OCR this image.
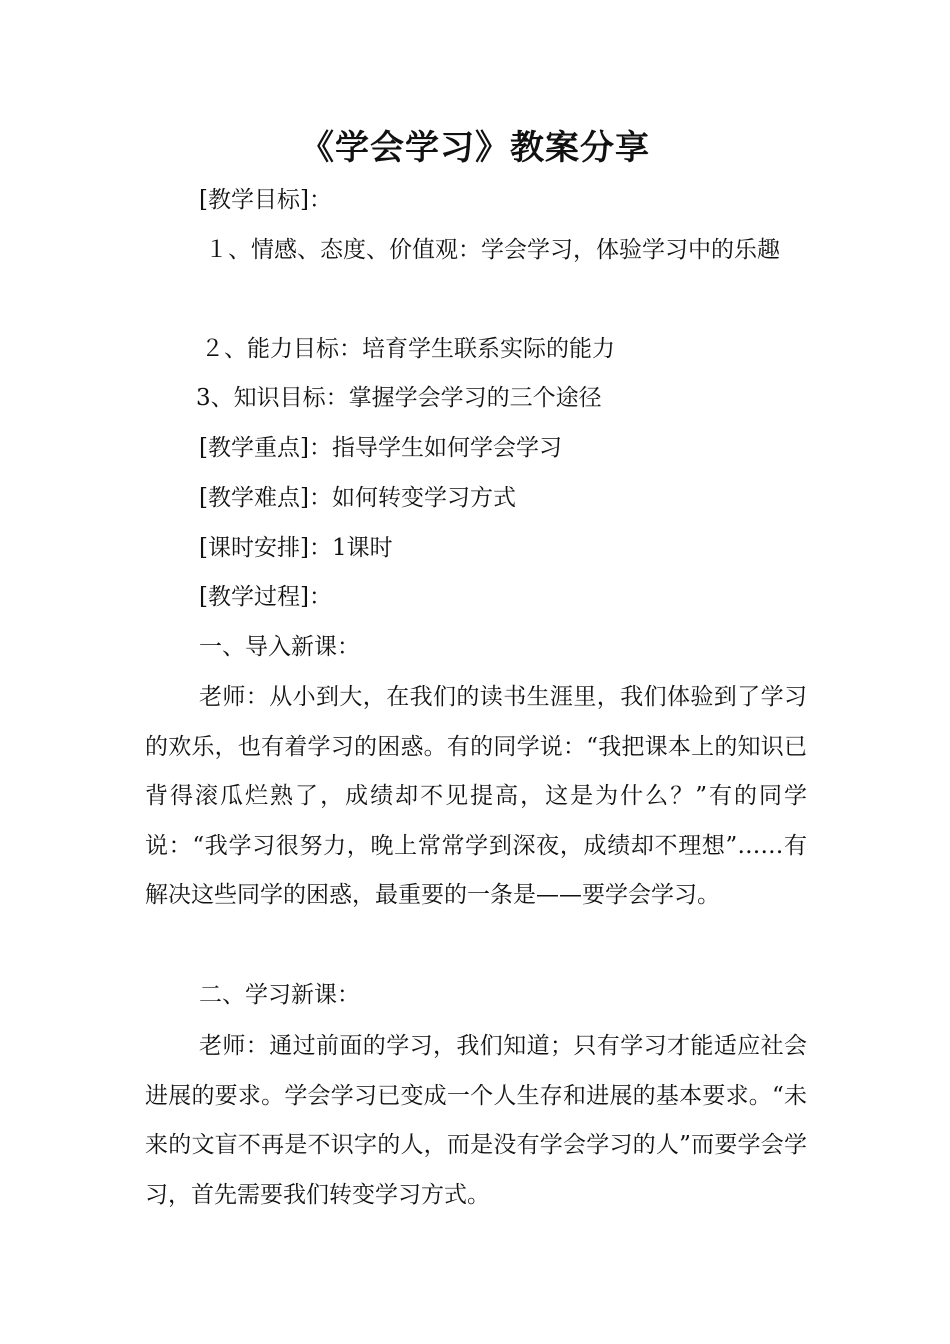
《学会学习》教案分享
[教学目标]：
１、情感、态度、价值观：学会学习，体验学习中的乐趣
２、能力目标：培育学生联系实际的能力
3、知识目标：掌握学会学习的三个途径
[教学重点]：指导学生如何学会学习
[教学难点]：如何转变学习方式
[课时安排]：1课时
[教学过程]：
一、导入新课：
老师：从小到大，在我们的读书生涯里，我们体验到了学习的欢乐，也有着学习的困惑。有的同学说：“我把课本上的知识已背得滚瓜烂熟了，成绩却不见提高，这是为什么？”有的同学说：“我学习很努力，晚上常常学到深夜，成绩却不理想”……有解决这些同学的困惑，最重要的一条是——要学会学习。
二、学习新课：
老师：通过前面的学习，我们知道；只有学习才能适应社会进展的要求。学会学习已变成一个人生存和进展的基本要求。“未来的文盲不再是不识字的人，而是没有学会学习的人”而要学会学习，首先需要我们转变学习方式。
